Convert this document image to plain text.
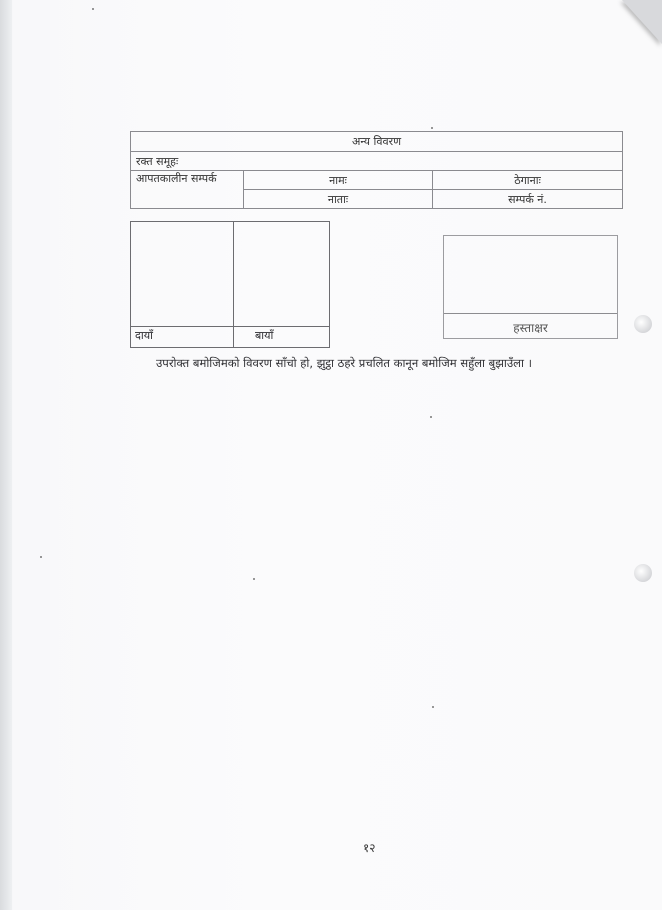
अन्य विवरण		
रक्त समूहः		
आपतकालीन सम्पर्क	नामः	ठेगानाः
	नाताः	सम्पर्क नं.
दायाँ	बायाँ
हस्ताक्षर
उपरोक्त बमोजिमको विवरण साँचो हो, झुट्ठा ठहरे प्रचलित कानून बमोजिम सहुँला बुझाउँला ।
१२
